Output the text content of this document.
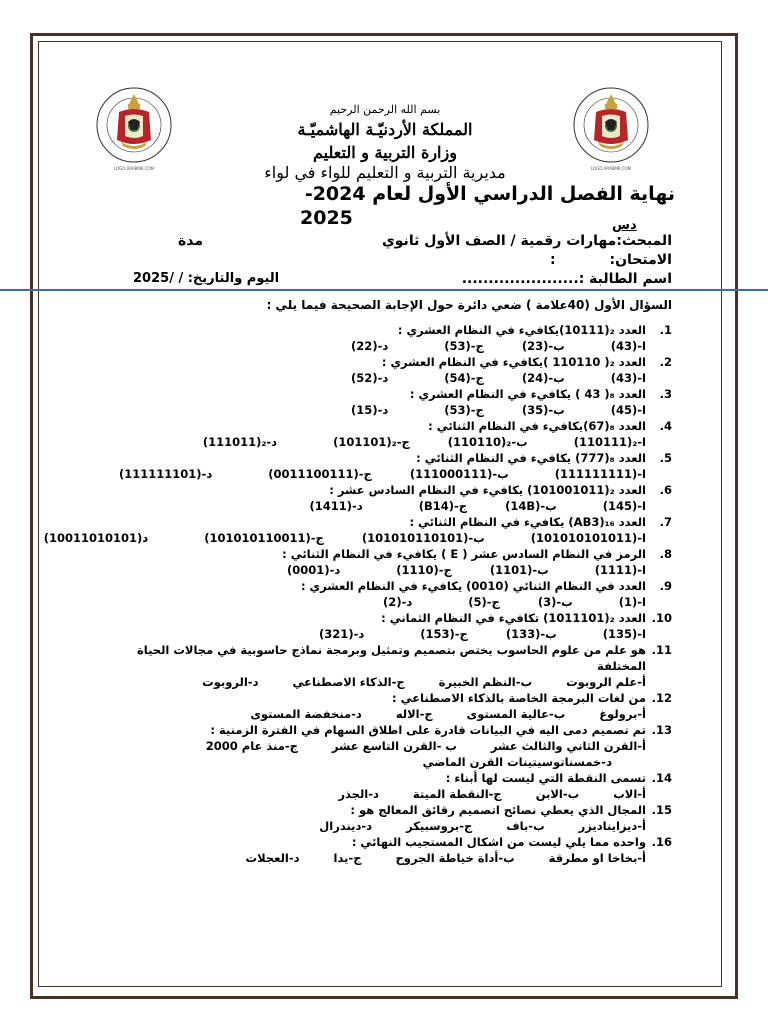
LOGO.ARABMK.COM	LOGO.ARABMK.COM
بسم الله الرحمن الرحيم
المملكة الأردنيّـة الهاشميّـة
وزارة التربية و التعليم
مديرية التربية و التعليم للواء في لواء
نهاية الفصل الدراسي الأول لعام 2024-
2025	دس
المبحث:مهارات رقمية / الصف الأول ثانوي
مدة
الامتحان:
:
اسم الطالبة :......................
اليوم والتاريخ: / /2025
السؤال الأول (40علامة ) ضعي دائرة حول الإجابة الصحيحة فيما يلي :
1.
العدد ₂(10111)يكافيء في النظام العشري :
ا-(43)
ب-(23)
ج-(53)
د-(22)
2.
العدد ₂( 110110 )يكافيء في النظام العشري :
ا-(43)
ب-(24)
ج-(54)
د-(52)
3.
العدد ₈( 43 ) يكافيء في النظام العشري :
ا-(45)
ب-(35)
ج-(53)
د-(15)
4.
العدد ₈(67)يكافيء في النظام الثنائي :
ا-₂(110111)
ب-₂(110110)
ج-₂(101101)
د-₂(111011)
5.
العدد ₈(777) يكافيء في النظام الثنائي :
ا-(111111111)
ب-(111000111)
ج-(0011100111)
د-(111111101)
6.
العدد ₂(101001011) يكافيء في النظام السادس عشر :
ا-(145)
ب-(14B)
ج-(B14)
د-(1411)
7.
العدد ₁₆(AB3) يكافيء في النظام الثنائي :
ا-(101010101011)
ب-(101010110101)
ج-(101010110011)
د(10011010101)
8.
الرمز في النظام السادس عشر ( E ) يكافيء في النظام الثنائي :
ا-(1111)
ب-(1101)
ج-(1110)
د-(0001)
9.
العدد في النظام الثنائي (0010) يكافيء في النظام العشري :
ا-(1)
ب-(3)
ج-(5)
د-(2)
10.
العدد ₂(1011101) تكافيء في النظام الثماني :
ا-(135)
ب-(133)
ج-(153)
د-(321)
11.
هو علم من علوم الحاسوب يختص بتصميم وتمثيل وبرمجة نماذج حاسوبية في مجالات الحياة المختلفة
أ-علم الروبوت
ب-النظم الخبيرة
ج-الذكاء الاصطناعي
د-الروبوت
12.
من لغات البرمجة الخاصة بالذكاء الاصطناعي :
أ-برولوغ
ب-عالية المستوى
ج-الاله
د-منخفضة المستوى
13.
تم تصميم دمى اليه في البيانات قادرة على اطلاق السهام في الفترة الزمنية :
أ-القرن الثاني والثالث عشر
ب -القرن التاسع عشر
ج-منذ عام 2000
د-خمسناتوسيتينات القرن الماضي
14.
تسمى النقطة التي ليست لها أبناء :
أ-الاب
ب-الابن
ج-النقطة الميتة
د-الجذر
15.
المجال الذي يعطي نصائح اتصميم رقائق المعالج هو :
أ-ديزايناديزر
ب-باف
ج-بروسبيكر
د-ديندرال
16.
واحده مما يلي ليست من اشكال المستجيب النهائي :
أ-بخاخا او مطرقة
ب-أداة خياطة الجروح
ج-يدا
د-العجلات
